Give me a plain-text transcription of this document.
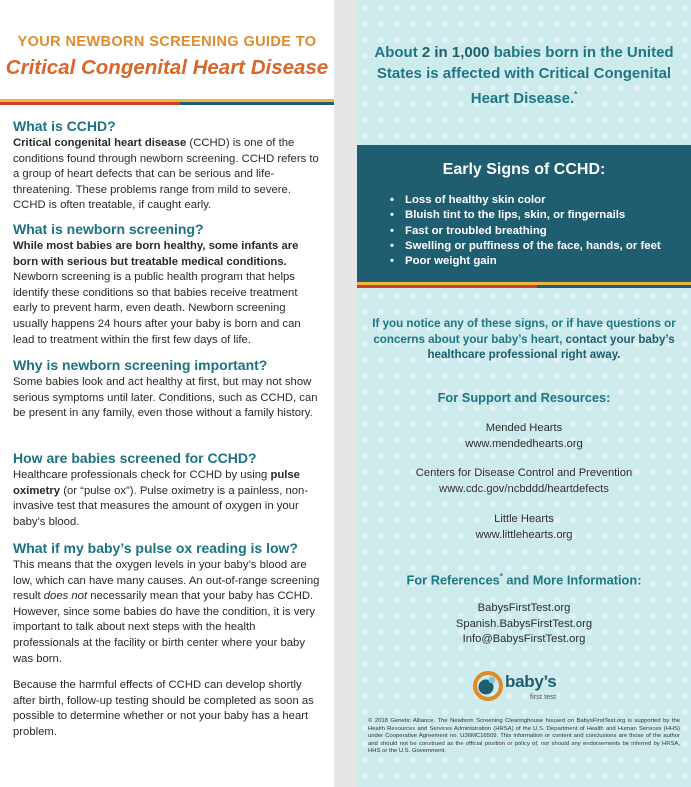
YOUR NEWBORN SCREENING GUIDE TO
Critical Congenital Heart Disease
What is CCHD?
Critical congenital heart disease (CCHD) is one of the conditions found through newborn screening. CCHD refers to a group of heart defects that can be serious and life-threatening. These problems range from mild to severe. CCHD is often treatable, if caught early.
What is newborn screening?
While most babies are born healthy, some infants are born with serious but treatable medical conditions. Newborn screening is a public health program that helps identify these conditions so that babies receive treatment early to prevent harm, even death. Newborn screening usually happens 24 hours after your baby is born and can lead to treatment within the first few days of life.
Why is newborn screening important?
Some babies look and act healthy at first, but may not show serious symptoms until later. Conditions, such as CCHD, can be present in any family, even those without a family history.
How are babies screened for CCHD?
Healthcare professionals check for CCHD by using pulse oximetry (or “pulse ox”). Pulse oximetry is a painless, non-invasive test that measures the amount of oxygen in your baby’s blood.
What if my baby’s pulse ox reading is low?
This means that the oxygen levels in your baby’s blood are low, which can have many causes. An out-of-range screening result does not necessarily mean that your baby has CCHD. However, since some babies do have the condition, it is very important to talk about next steps with the health professionals at the facility or birth center where your baby was born.
Because the harmful effects of CCHD can develop shortly after birth, follow-up testing should be completed as soon as possible to determine whether or not your baby has a heart problem.
About 2 in 1,000 babies born in the United States is affected with Critical Congenital Heart Disease.*
Early Signs of CCHD:
• Loss of healthy skin color
• Bluish tint to the lips, skin, or fingernails
• Fast or troubled breathing
• Swelling or puffiness of the face, hands, or feet
• Poor weight gain
If you notice any of these signs, or if have questions or concerns about your baby’s heart, contact your baby’s healthcare professional right away.
For Support and Resources:
Mended Hearts
www.mendedhearts.org
Centers for Disease Control and Prevention
www.cdc.gov/ncbddd/heartdefects
Little Hearts
www.littlehearts.org
For References* and More Information:
BabysFirstTest.org
Spanish.BabysFirstTest.org
Info@BabysFirstTest.org
baby’s
first test
© 2018 Genetic Alliance. The Newborn Screening Clearinghouse housed on BabysFirstTest.org is supported by the Health Resources and Services Administration (HRSA) of the U.S. Department of Health and Human Services (HHS) under Cooperative Agreement no. U36MC16509. This information or content and conclusions are those of the author and should not be construed as the official position or policy of, nor should any endorsements be inferred by HRSA, HHS or the U.S. Government.
